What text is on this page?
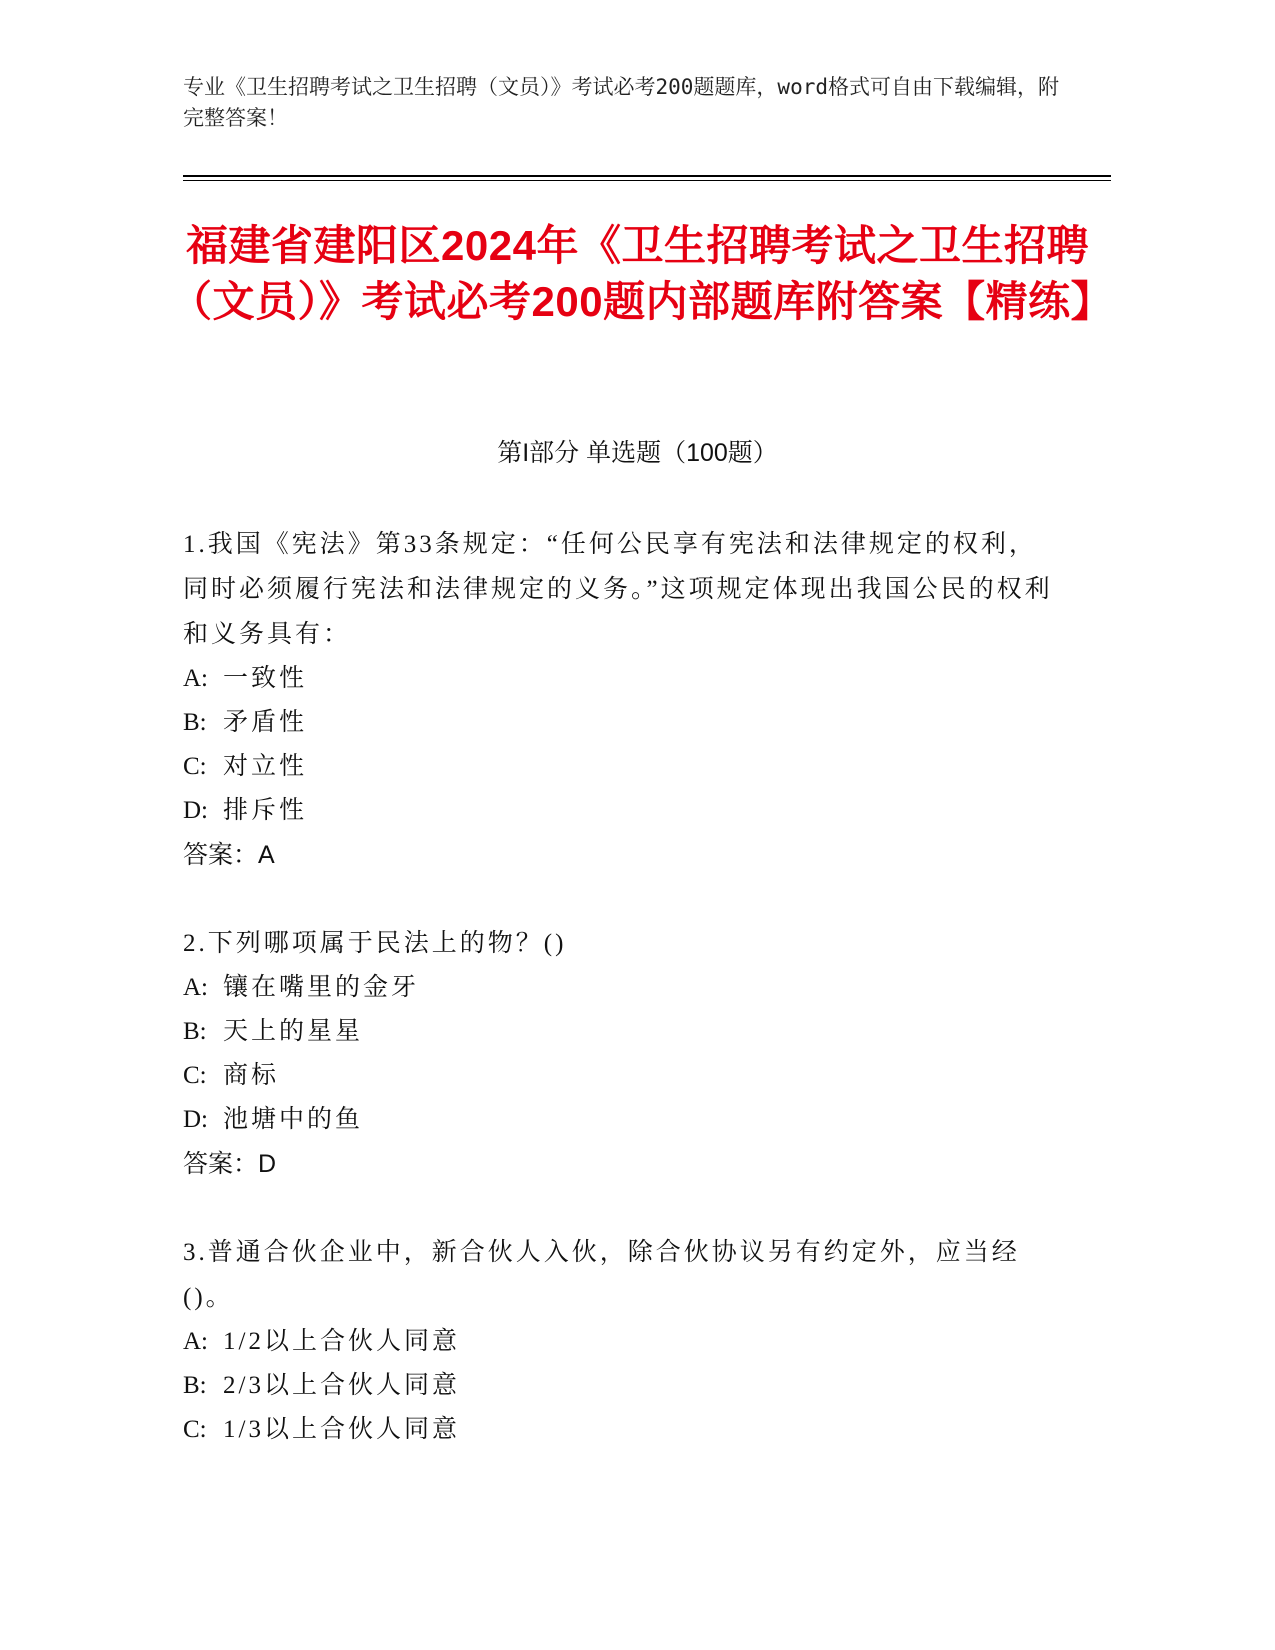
专业《卫生招聘考试之卫生招聘（文员）》考试必考200题题库，word格式可自由下载编辑，附完整答案！
福建省建阳区2024年《卫生招聘考试之卫生招聘（文员）》考试必考200题内部题库附答案【精练】
第I部分 单选题（100题）
1.我国《宪法》第33条规定：“任何公民享有宪法和法律规定的权利，同时必须履行宪法和法律规定的义务。”这项规定体现出我国公民的权利和义务具有：
A: 一致性
B: 矛盾性
C: 对立性
D: 排斥性
答案：A
2.下列哪项属于民法上的物？()
A: 镶在嘴里的金牙
B: 天上的星星
C: 商标
D: 池塘中的鱼
答案：D
3.普通合伙企业中，新合伙人入伙，除合伙协议另有约定外，应当经()。
A: 1/2以上合伙人同意
B: 2/3以上合伙人同意
C: 1/3以上合伙人同意
